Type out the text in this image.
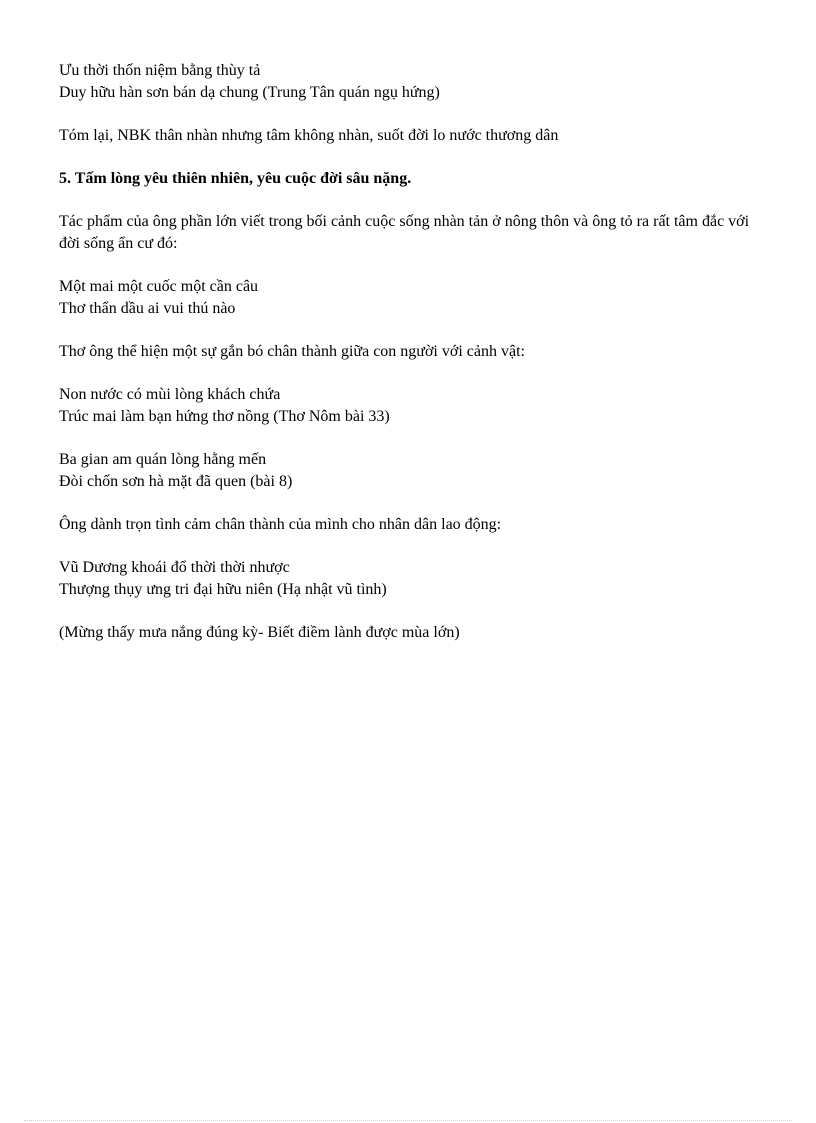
Ưu thời thốn niệm bằng thùy tả
Duy hữu hàn sơn bán dạ chung (Trung Tân quán ngụ hứng)
Tóm lại, NBK thân nhàn nhưng tâm không nhàn, suốt đời lo nước thương dân
5. Tấm lòng yêu thiên nhiên, yêu cuộc đời sâu nặng.
Tác phẩm của ông phần lớn viết trong bối cảnh cuộc sống nhàn tản ở nông thôn và ông tỏ ra rất tâm đắc với đời sống ẩn cư đó:
Một mai một cuốc một cần câu
Thơ thẩn dầu ai vui thú nào
Thơ ông thể hiện một sự gắn bó chân thành giữa con người với cảnh vật:
Non nước có mùi lòng khách chứa
Trúc mai làm bạn hứng thơ nồng (Thơ Nôm bài 33)
Ba gian am quán lòng hằng mến
Đòi chốn sơn hà mặt đã quen (bài 8)
Ông dành trọn tình cảm chân thành của mình cho nhân dân lao động:
Vũ Dương khoái đổ thời thời nhược
Thượng thụy ưng tri đại hữu niên (Hạ nhật vũ tình)
(Mừng thấy mưa nắng đúng kỳ- Biết điềm lành được mùa lớn)
